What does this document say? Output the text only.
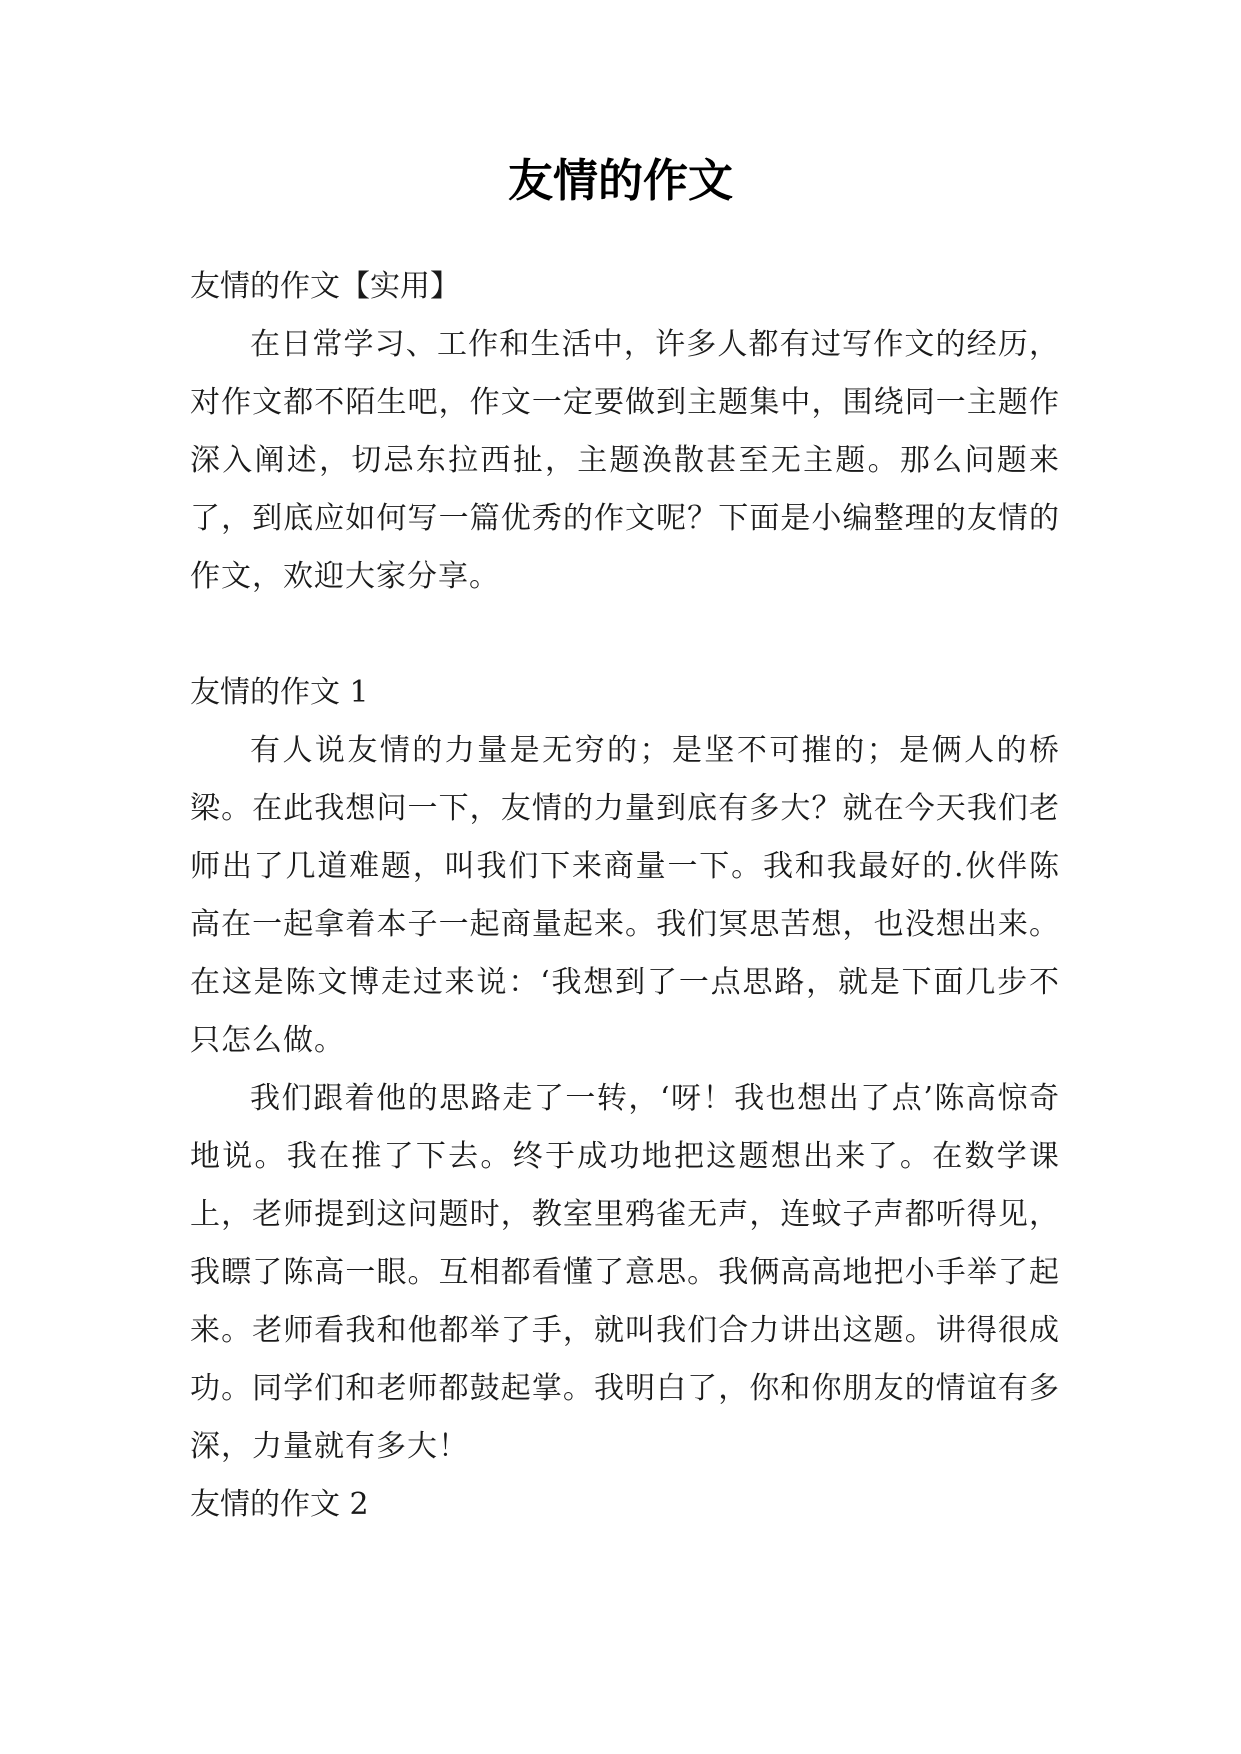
友情的作文

友情的作文【实用】

在日常学习、工作和生活中，许多人都有过写作文的经历，对作文都不陌生吧，作文一定要做到主题集中，围绕同一主题作深入阐述，切忌东拉西扯，主题涣散甚至无主题。那么问题来了，到底应如何写一篇优秀的作文呢？下面是小编整理的友情的作文，欢迎大家分享。

友情的作文 1

有人说友情的力量是无穷的；是坚不可摧的；是俩人的桥梁。在此我想问一下，友情的力量到底有多大？就在今天我们老师出了几道难题，叫我们下来商量一下。我和我最好的.伙伴陈高在一起拿着本子一起商量起来。我们冥思苦想，也没想出来。在这是陈文博走过来说：‘我想到了一点思路，就是下面几步不只怎么做。

我们跟着他的思路走了一转，‘呀！我也想出了点’陈高惊奇地说。我在推了下去。终于成功地把这题想出来了。在数学课上，老师提到这问题时，教室里鸦雀无声，连蚊子声都听得见，我瞟了陈高一眼。互相都看懂了意思。我俩高高地把小手举了起来。老师看我和他都举了手，就叫我们合力讲出这题。讲得很成功。同学们和老师都鼓起掌。我明白了，你和你朋友的情谊有多深，力量就有多大！

友情的作文 2
